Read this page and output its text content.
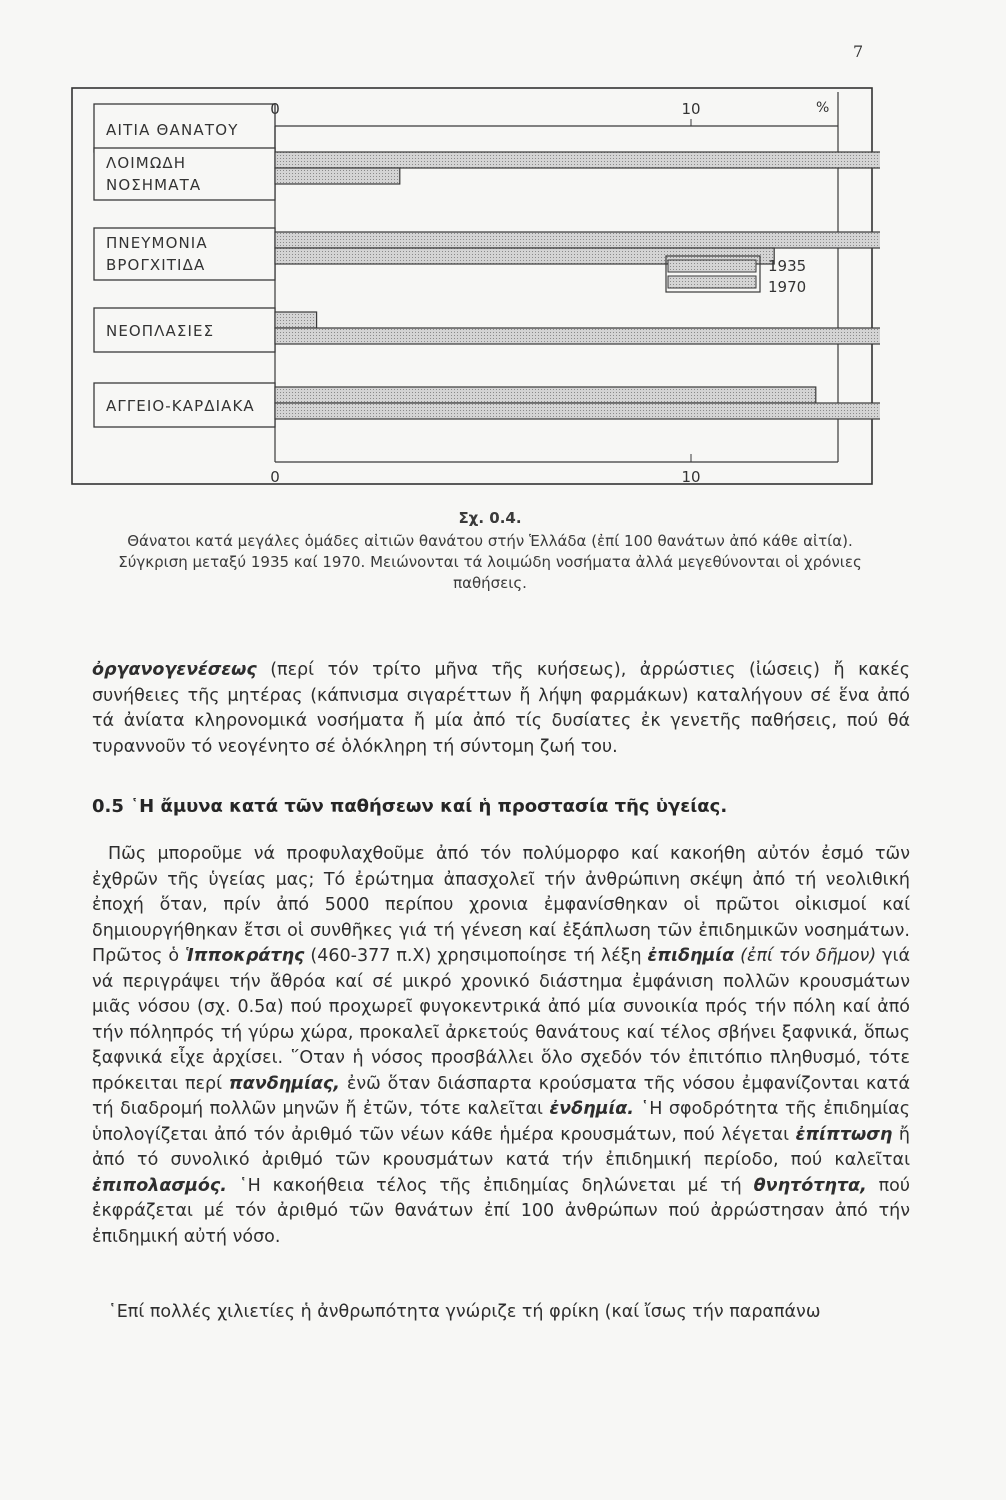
7
ΑΙΤΙΑ ΘΑΝΑΤΟΥ
0
0
10
10
%
ΛΟΙΜΩΔΗ
ΝΟΣΗΜΑΤΑ
ΠΝΕΥΜΟΝΙΑ
ΒΡΟΓΧΙΤΙΔΑ
ΝΕΟΠΛΑΣΙΕΣ
ΑΓΓΕΙΟ-ΚΑΡΔΙΑΚΑ
1935
1970
Σχ. 0.4.
Θάνατοι κατά μεγάλες ὁμάδες αἰτιῶν θανάτου στήν Ἑλλάδα (ἐπί 100 θανάτων ἀπό κάθε αἰτία).
Σύγκριση μεταξύ 1935 καί 1970. Μειώνονται τά λοιμώδη νοσήματα ἀλλά μεγεθύνονται οἱ χρόνιες
παθήσεις.
ὀργανογενέσεως (περί τόν τρίτο μῆνα τῆς κυήσεως), ἀρρώστιες (ἰώσεις) ἤ κακές συνήθειες τῆς μητέρας (κάπνισμα σιγαρέττων ἤ λήψη φαρμάκων) καταλήγουν σέ ἕνα ἀπό τά ἀνίατα κληρονομικά νοσήματα ἤ μία ἀπό τίς δυσίατες ἐκ γενετῆς παθήσεις, πού θά τυραννοῦν τό νεογένητο σέ ὁλόκληρη τή σύντομη ζωή του.
0.5 ῾Η ἄμυνα κατά τῶν παθήσεων καί ἡ προστασία τῆς ὑγείας.
Πῶς μποροῦμε νά προφυλαχθοῦμε ἀπό τόν πολύμορφο καί κακοήθη αὐτόν ἐσμό τῶν ἐχθρῶν τῆς ὑγείας μας; Τό ἐρώτημα ἀπασχολεῖ τήν ἀνθρώπινη σκέψη ἀπό τή νεολιθική ἐποχή ὅταν, πρίν ἀπό 5000 περίπου χρονια ἐμφανίσθηκαν οἱ πρῶτοι οἰκισμοί καί δημιουργήθηκαν ἔτσι οἱ συνθῆκες γιά τή γένεση καί ἐξάπλωση τῶν ἐπιδημικῶν νοσημάτων. Πρῶτος ὁ Ἱπποκράτης (460-377 π.Χ) χρησιμοποίησε τή λέξη ἐπιδημία (ἐπί τόν δῆμον) γιά νά περιγράψει τήν ἄθρόα καί σέ μικρό χρονικό διάστημα ἐμφάνιση πολλῶν κρουσμάτων μιᾶς νόσου (σχ. 0.5α) πού προχωρεῖ φυγοκεντρικά ἀπό μία συνοικία πρός τήν πόλη καί ἀπό τήν πόληπρός τή γύρω χώρα, προκαλεῖ ἀρκετούς θανάτους καί τέλος σβήνει ξαφνικά, ὅπως ξαφνικά εἶχε ἀρχίσει. ῞Οταν ἡ νόσος προσβάλλει ὅλο σχεδόν τόν ἐπιτόπιο πληθυσμό, τότε πρόκειται περί πανδημίας, ἐνῶ ὅταν διάσπαρτα κρούσματα τῆς νόσου ἐμφανίζονται κατά τή διαδρομή πολλῶν μηνῶν ἤ ἐτῶν, τότε καλεῖται ἐνδημία. ῾Η σφοδρότητα τῆς ἐπιδημίας ὑπολογίζεται ἀπό τόν ἀριθμό τῶν νέων κάθε ἡμέρα κρουσμάτων, πού λέγεται ἐπίπτωση ἤ ἀπό τό συνολικό ἀριθμό τῶν κρουσμάτων κατά τήν ἐπιδημική περίοδο, πού καλεῖται ἐπιπολασμός. ῾Η κακοήθεια τέλος τῆς ἐπιδημίας δηλώνεται μέ τή θνητότητα, πού ἐκφράζεται μέ τόν ἀριθμό τῶν θανάτων ἐπί 100 ἀνθρώπων πού ἀρρώστησαν ἀπό τήν ἐπιδημική αὐτή νόσο.
῾Επί πολλές χιλιετίες ἡ ἀνθρωπότητα γνώριζε τή φρίκη (καί ἴσως τήν παραπάνω
